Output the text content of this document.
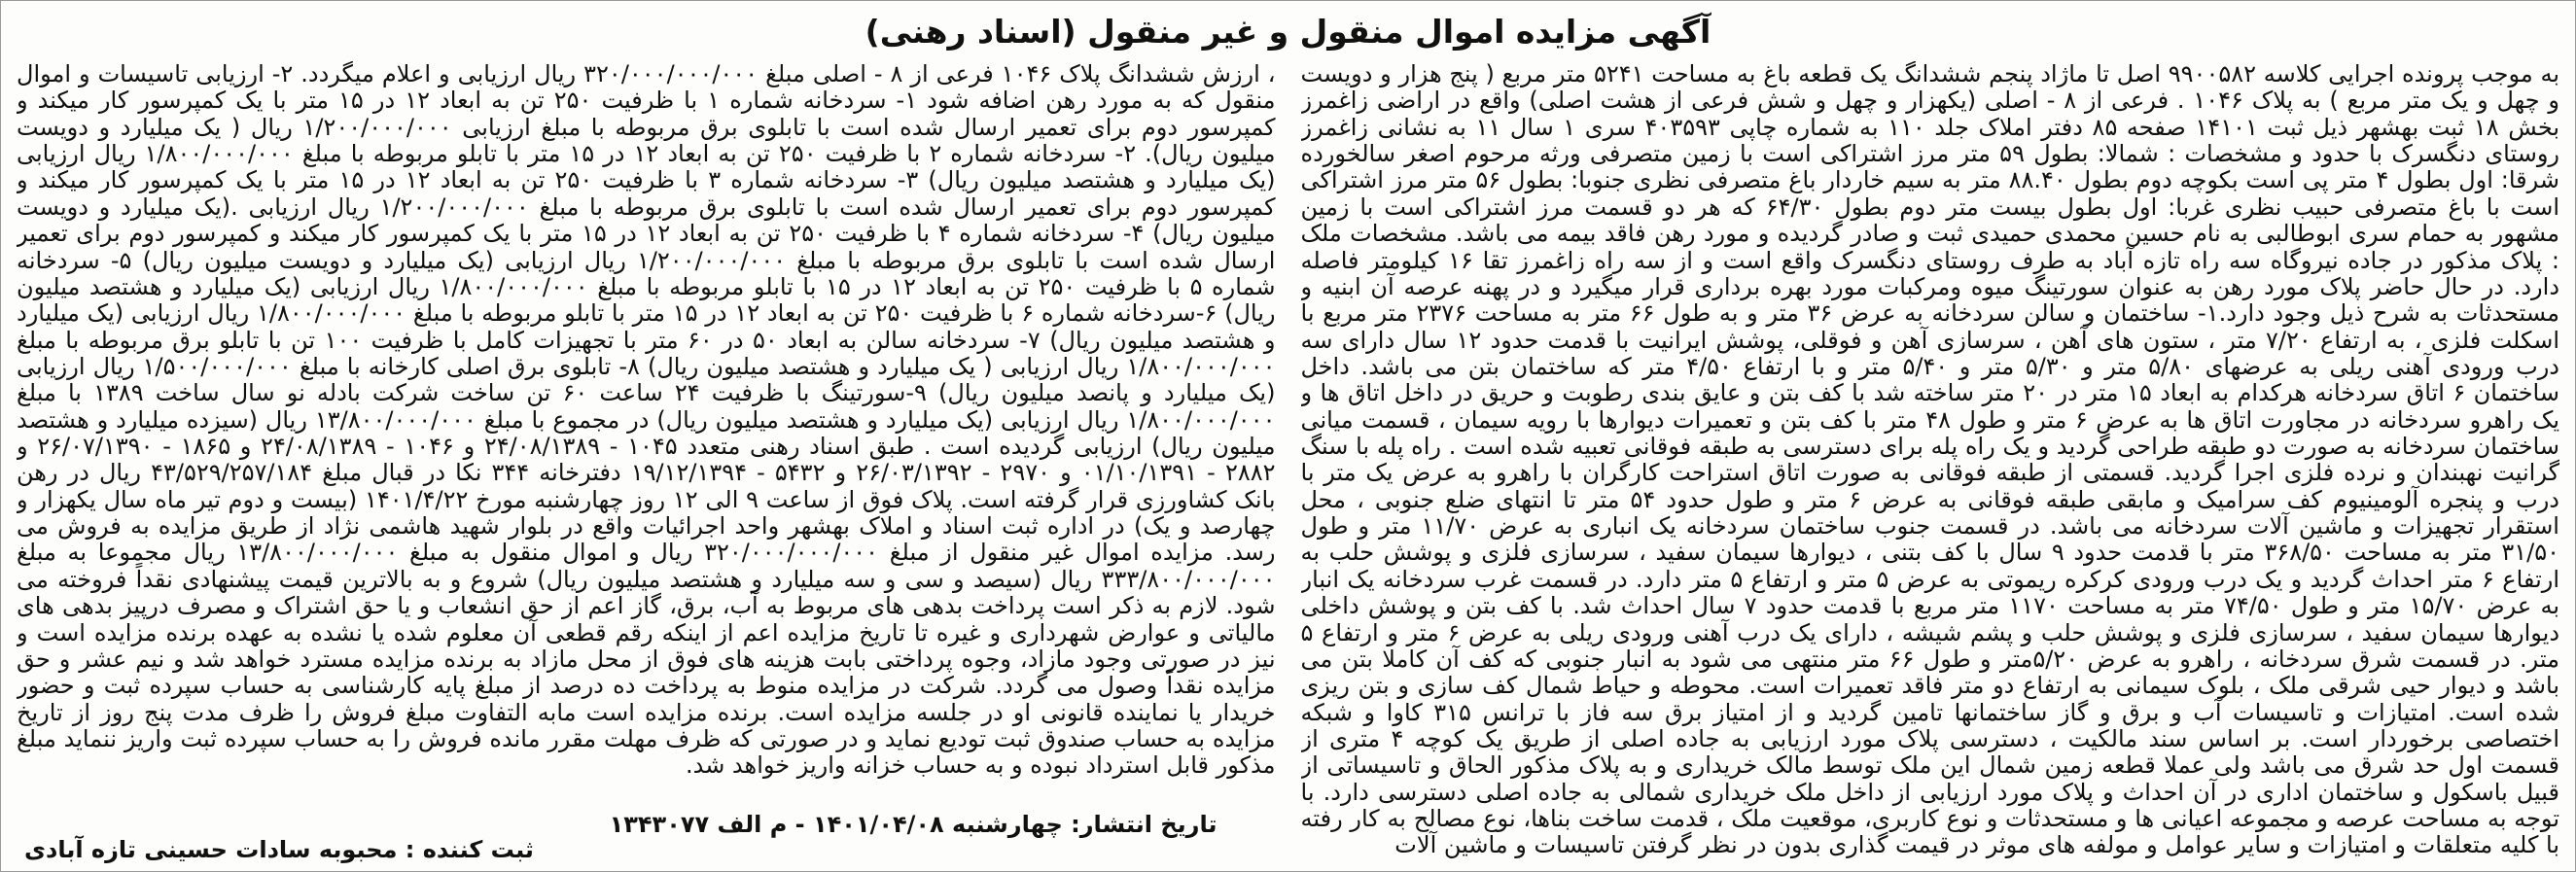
آگهی مزایده اموال منقول و غیر منقول (اسناد رهنی)
به موجب پرونده اجرایی کلاسه ۹۹۰۰۵۸۲ اصل تا ماژاد پنجم ششدانگ یک قطعه باغ به مساحت ۵۲۴۱ متر مربع ( پنج هزار و دویست و چهل و یک متر مربع ) به پلاک ۱۰۴۶ . فرعی از ۸ - اصلی (یکهزار و چهل و شش فرعی از هشت اصلی) واقع در اراضی زاغمرز بخش ۱۸ ثبت بهشهر ذیل ثبت ۱۴۱۰۱ صفحه ۸۵ دفتر املاک جلد ۱۱۰ به شماره چاپی ۴۰۳۵۹۳ سری ۱ سال ۱۱ به نشانی زاغمرز روستای دنگسرک با حدود و مشخصات : شمالا: بطول ۵۹ متر مرز اشتراکی است با زمین متصرفی ورثه مرحوم اصغر سالخورده شرقا: اول بطول ۴ متر پی است بکوچه دوم بطول ۸۸.۴۰ متر به سیم خاردار باغ متصرفی نظری جنوبا: بطول ۵۶ متر مرز اشتراکی است با باغ متصرفی حبیب نظری غربا: اول بطول بیست متر دوم بطول ۶۴/۳۰ که هر دو قسمت مرز اشتراکی است با زمین مشهور به حمام سری ابوطالبی به نام حسین محمدی حمیدی ثبت و صادر گردیده و مورد رهن فاقد بیمه می باشد. مشخصات ملک : پلاک مذکور در جاده نیروگاه سه راه تازه آباد به طرف روستای دنگسرک واقع است و از سه راه زاغمرز تقا ۱۶ کیلومتر فاصله دارد. در حال حاضر پلاک مورد رهن به عنوان سورتینگ میوه ومرکبات مورد بهره برداری قرار میگیرد و در پهنه عرصه آن ابنیه و مستحدثات به شرح ذیل وجود دارد.۱- ساختمان و سالن سردخانه به عرض ۳۶ متر و به طول ۶۶ متر به مساحت ۲۳۷۶ متر مربع با اسکلت فلزی ، به ارتفاع ۷/۲۰ متر ، ستون های آهن ، سرسازی آهن و فوقلی، پوشش ایرانیت با قدمت حدود ۱۲ سال دارای سه درب ورودی آهنی ریلی به عرضهای ۵/۸۰ متر و ۵/۳۰ متر و ۵/۴۰ متر و با ارتفاع ۴/۵۰ متر که ساختمان بتن می باشد. داخل ساختمان ۶ اتاق سردخانه هرکدام به ابعاد ۱۵ متر در ۲۰ متر ساخته شد با کف بتن و عایق بندی رطوبت و حریق در داخل اتاق ها و یک راهرو سردخانه در مجاورت اتاق ها به عرض ۶ متر و طول ۴۸ متر با کف بتن و تعمیرات دیوارها با رویه سیمان ، قسمت میانی ساختمان سردخانه به صورت دو طبقه طراحی گردید و یک راه پله برای دسترسی به طبقه فوقانی تعبیه شده است . راه پله با سنگ گرانیت نهبندان و نرده فلزی اجرا گردید. قسمتی از طبقه فوقانی به صورت اتاق استراحت کارگران با راهرو به عرض یک متر با درب و پنجره آلومینیوم کف سرامیک و مابقی طبقه فوقانی به عرض ۶ متر و طول حدود ۵۴ متر تا انتهای ضلع جنوبی ، محل استقرار تجهیزات و ماشین آلات سردخانه می باشد. در قسمت جنوب ساختمان سردخانه یک انباری به عرض ۱۱/۷۰ متر و طول ۳۱/۵۰ متر به مساحت ۳۶۸/۵۰ متر با قدمت حدود ۹ سال با کف بتنی ، دیوارها سیمان سفید ، سرسازی فلزی و پوشش حلب به ارتفاع ۶ متر احداث گردید و یک درب ورودی کرکره ریموتی به عرض ۵ متر و ارتفاع ۵ متر دارد. در قسمت غرب سردخانه یک انبار به عرض ۱۵/۷۰ متر و طول ۷۴/۵۰ متر به مساحت ۱۱۷۰ متر مربع با قدمت حدود ۷ سال احداث شد. با کف بتن و پوشش داخلی دیوارها سیمان سفید ، سرسازی فلزی و پوشش حلب و پشم شیشه ، دارای یک درب آهنی ورودی ریلی به عرض ۶ متر و ارتفاع ۵ متر. در قسمت شرق سردخانه ، راهرو به عرض ۵/۲۰متر و طول ۶۶ متر منتهی می شود به انبار جنوبی که کف آن کاملا بتن می باشد و دیوار حیی شرقی ملک ، بلوک سیمانی به ارتفاع دو متر فاقد تعمیرات است. محوطه و حیاط شمال کف سازی و بتن ریزی شده است. امتیازات و تاسیسات آب و برق و گاز ساختمانها تامین گردید و از امتیاز برق سه فاز با ترانس ۳۱۵ کاوا و شبکه اختصاصی برخوردار است. بر اساس سند مالکیت ، دسترسی پلاک مورد ارزیابی به جاده اصلی از طریق یک کوچه ۴ متری از قسمت اول حد شرق می باشد ولی عملا قطعه زمین شمال این ملک توسط مالک خریداری و به پلاک مذکور الحاق و تاسیساتی از قبیل باسکول و ساختمان اداری در آن احداث و پلاک مورد ارزیابی از داخل ملک خریداری شمالی به جاده اصلی دسترسی دارد. با توجه به مساحت عرصه و مجموعه اعیانی ها و مستحدثات و نوع کاربری، موقعیت ملک ، قدمت ساخت بناها، نوع مصالح به کار رفته با کلیه متعلقات و امتیازات و سایر عوامل و مولفه های موثر در قیمت گذاری بدون در نظر گرفتن تاسیسات و ماشین آلات
، ارزش ششدانگ پلاک ۱۰۴۶ فرعی از ۸ - اصلی مبلغ ۳۲۰/۰۰۰/۰۰۰/۰۰۰ ریال ارزیابی و اعلام میگردد. ۲- ارزیابی تاسیسات و اموال منقول که به مورد رهن اضافه شود ۱- سردخانه شماره ۱ با ظرفیت ۲۵۰ تن به ابعاد ۱۲ در ۱۵ متر با یک کمپرسور کار میکند و کمپرسور دوم برای تعمیر ارسال شده است با تابلوی برق مربوطه با مبلغ ارزیابی ۱/۲۰۰/۰۰۰/۰۰۰ ریال ( یک میلیارد و دویست میلیون ریال). ۲- سردخانه شماره ۲ با ظرفیت ۲۵۰ تن به ابعاد ۱۲ در ۱۵ متر با تابلو مربوطه با مبلغ ۱/۸۰۰/۰۰۰/۰۰۰ ریال ارزیابی (یک میلیارد و هشتصد میلیون ریال) ۳- سردخانه شماره ۳ با ظرفیت ۲۵۰ تن به ابعاد ۱۲ در ۱۵ متر با یک کمپرسور کار میکند و کمپرسور دوم برای تعمیر ارسال شده است با تابلوی برق مربوطه با مبلغ ۱/۲۰۰/۰۰۰/۰۰۰ ریال ارزیابی .(یک میلیارد و دویست میلیون ریال) ۴- سردخانه شماره ۴ با ظرفیت ۲۵۰ تن به ابعاد ۱۲ در ۱۵ متر با یک کمپرسور کار میکند و کمپرسور دوم برای تعمیر ارسال شده است با تابلوی برق مربوطه با مبلغ ۱/۲۰۰/۰۰۰/۰۰۰ ریال ارزیابی (یک میلیارد و دویست میلیون ریال) ۵- سردخانه شماره ۵ با ظرفیت ۲۵۰ تن به ابعاد ۱۲ در ۱۵ با تابلو مربوطه با مبلغ ۱/۸۰۰/۰۰۰/۰۰۰ ریال ارزیابی (یک میلیارد و هشتصد میلیون ریال) ۶-سردخانه شماره ۶ با ظرفیت ۲۵۰ تن به ابعاد ۱۲ در ۱۵ متر با تابلو مربوطه با مبلغ ۱/۸۰۰/۰۰۰/۰۰۰ ریال ارزیابی (یک میلیارد و هشتصد میلیون ریال) ۷- سردخانه سالن به ابعاد ۵۰ در ۶۰ متر با تجهیزات کامل با ظرفیت ۱۰۰ تن با تابلو برق مربوطه با مبلغ ۱/۸۰۰/۰۰۰/۰۰۰ ریال ارزیابی ( یک میلیارد و هشتصد میلیون ریال) ۸- تابلوی برق اصلی کارخانه با مبلغ ۱/۵۰۰/۰۰۰/۰۰۰ ریال ارزیابی (یک میلیارد و پانصد میلیون ریال) ۹-سورتینگ با ظرفیت ۲۴ ساعت ۶۰ تن ساخت شرکت بادله نو سال ساخت ۱۳۸۹ با مبلغ ۱/۸۰۰/۰۰۰/۰۰۰ ریال ارزیابی (یک میلیارد و هشتصد میلیون ریال) در مجموع با مبلغ ۱۳/۸۰۰/۰۰۰/۰۰۰ ریال (سیزده میلیارد و هشتصد میلیون ریال) ارزیابی گردیده است . طبق اسناد رهنی متعدد ۱۰۴۵ - ۲۴/۰۸/۱۳۸۹ و ۱۰۴۶ - ۲۴/۰۸/۱۳۸۹ و ۱۸۶۵ - ۲۶/۰۷/۱۳۹۰ و ۲۸۸۲ - ۰۱/۱۰/۱۳۹۱ و ۲۹۷۰ - ۲۶/۰۳/۱۳۹۲ و ۵۴۳۲ - ۱۹/۱۲/۱۳۹۴ دفترخانه ۳۴۴ نکا در قبال مبلغ ۴۳/۵۲۹/۲۵۷/۱۸۴ ریال در رهن بانک کشاورزی قرار گرفته است. پلاک فوق از ساعت ۹ الی ۱۲ روز چهارشنبه مورخ ۱۴۰۱/۴/۲۲ (بیست و دوم تیر ماه سال یکهزار و چهارصد و یک) در اداره ثبت اسناد و املاک بهشهر واحد اجرائیات واقع در بلوار شهید هاشمی نژاد از طریق مزایده به فروش می رسد. مزایده اموال غیر منقول از مبلغ ۳۲۰/۰۰۰/۰۰۰/۰۰۰ ریال و اموال منقول به مبلغ ۱۳/۸۰۰/۰۰۰/۰۰۰ ریال مجموعا به مبلغ ۳۳۳/۸۰۰/۰۰۰/۰۰۰ ریال (سیصد و سی و سه میلیارد و هشتصد میلیون ریال) شروع و به بالاترین قیمت پیشنهادی نقداً فروخته می شود. لازم به ذکر است پرداخت بدهی های مربوط به آب، برق، گاز اعم از حق انشعاب و یا حق اشتراک و مصرف درپیز بدهی های مالیاتی و عوارض شهرداری و غیره تا تاریخ مزایده اعم از اینکه رقم قطعی آن معلوم شده یا نشده به عهده برنده مزایده است و نیز در صورتی وجود مازاد، وجوه پرداختی بابت هزینه های فوق از محل مازاد به برنده مزایده مسترد خواهد شد و نیم عشر و حق مزایده نقداً وصول می گردد. شرکت در مزایده منوط به پرداخت ده درصد از مبلغ پایه کارشناسی به حساب سپرده ثبت و حضور خریدار یا نماینده قانونی او در جلسه مزایده است. برنده مزایده است مابه التفاوت مبلغ فروش را ظرف مدت پنج روز از تاریخ مزایده به حساب صندوق ثبت تودیع نماید و در صورتی که ظرف مهلت مقرر مانده فروش را به حساب سپرده ثبت واریز ننماید مبلغ مذکور قابل استرداد نبوده و به حساب خزانه واریز خواهد شد.
تاریخ انتشار: چهارشنبه ۱۴۰۱/۰۴/۰۸ - م الف ۱۳۴۳۰۷۷
ثبت کننده : محبوبه سادات حسینی تازه آبادی
